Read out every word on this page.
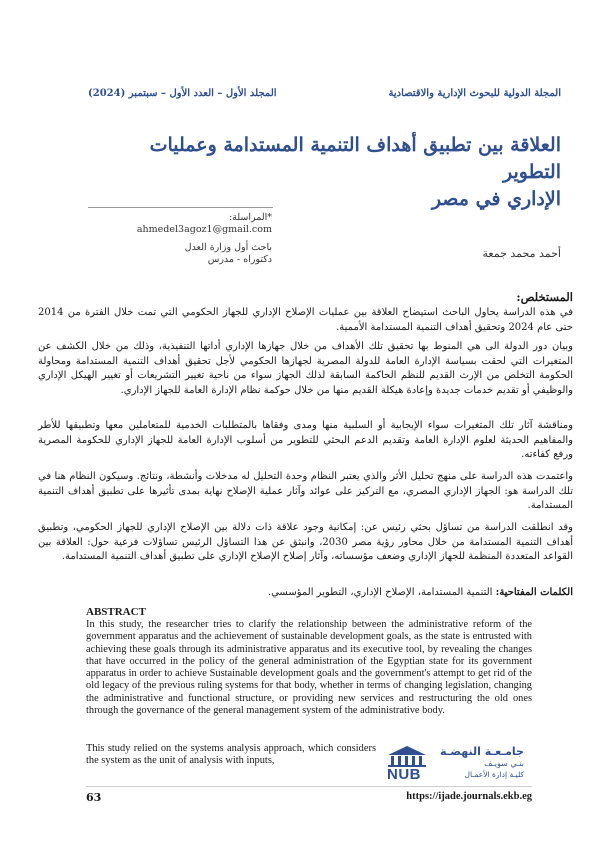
المجلة الدولية للبحوث الإدارية والاقتصادية
المجلد الأول – العدد الأول – سبتمبر (2024)
العلاقة بين تطبيق أهداف التنمية المستدامة وعمليات التطوير
الإداري في مصر
*المراسلة:
ahmedel3agoz1@gmail.com
باحث أول وزارة العدل
دكتوراه - مدرس	أحمد محمد جمعة
المستخلص:
في هذه الدراسة يحاول الباحث استيضاح العلاقة بين عمليات الإصلاح الإداري للجهاز الحكومي التي تمت خلال الفترة من 2014 حتى عام 2024 وتحقيق أهداف التنمية المستدامة الأممية.
وبيان دور الدولة الى هي المنوط بها تحقيق تلك الأهداف من خلال جهازها الإداري أداتها التنفيذية، وذلك من خلال الكشف عن المتغيرات التي لحقت بسياسة الإدارة العامة للدولة المصرية لجهازها الحكومي لأجل تحقيق أهداف التنمية المستدامة ومحاولة الحكومة التخلص من الإرث القديم للنظم الحاكمة السابقة لذلك الجهاز سواء من ناحية تغيير التشريعات أو تغيير الهيكل الإداري والوظيفي أو تقديم خدمات جديدة وإعادة هيكلة القديم منها من خلال حوكمة نظام الإدارة العامة للجهاز الإداري.
ومناقشة آثار تلك المتغيرات سواء الإيجابية أو السلبية منها ومدى وفقاها بالمتطلبات الخدمية للمتعاملين معها وتطبيقها للأطر والمفاهيم الحديثة لعلوم الإدارة العامة وتقديم الدعم البحثي للتطوير من أسلوب الإدارة العامة للجهاز الإداري للحكومة المصرية ورفع كفاءته.
واعتمدت هذه الدراسة على منهج تحليل الأثر والذي يعتبر النظام وحدة التحليل له مدخلات وأنشطة، ونتائج. وسيكون النظام هنا في تلك الدراسة هو: الجهاز الإداري المصري، مع التركيز على عوائد وآثار عملية الإصلاح نهاية بمدى تأثيرها على تطبيق أهداف التنمية المستدامة.
وقد انطلقت الدراسة من تساؤل بحثي رئيس عن: إمكانية وجود علاقة ذات دلالة بين الإصلاح الإداري للجهاز الحكومي، وتطبيق أهداف التنمية المستدامة من خلال محاور رؤية مصر 2030، وانبثق عن هذا التساؤل الرئيس تساؤلات فرعية حول: العلاقة بين القواعد المتعددة المنظمة للجهاز الإداري وضعف مؤسساته، وآثار إصلاح الإصلاح الإداري على تطبيق أهداف التنمية المستدامة.
الكلمات المفتاحية: التنمية المستدامة، الإصلاح الإداري، التطوير المؤسسي.
ABSTRACT
In this study, the researcher tries to clarify the relationship between the administrative reform of the government apparatus and the achievement of sustainable development goals, as the state is entrusted with achieving these goals through its administrative apparatus and its executive tool, by revealing the changes that have occurred in the policy of the general administration of the Egyptian state for its government apparatus in order to achieve Sustainable development goals and the government's attempt to get rid of the old legacy of the previous ruling systems for that body, whether in terms of changing legislation, changing the administrative and functional structure, or providing new services and restructuring the old ones through the governance of the general management system of the administrative body.
This study relied on the systems analysis approach, which considers the system as the unit of analysis with inputs,
NUB
جامـعـة النهضـة
بنـي سويـف
كليـة إدارة الأعمـال
63	https://ijade.journals.ekb.eg
